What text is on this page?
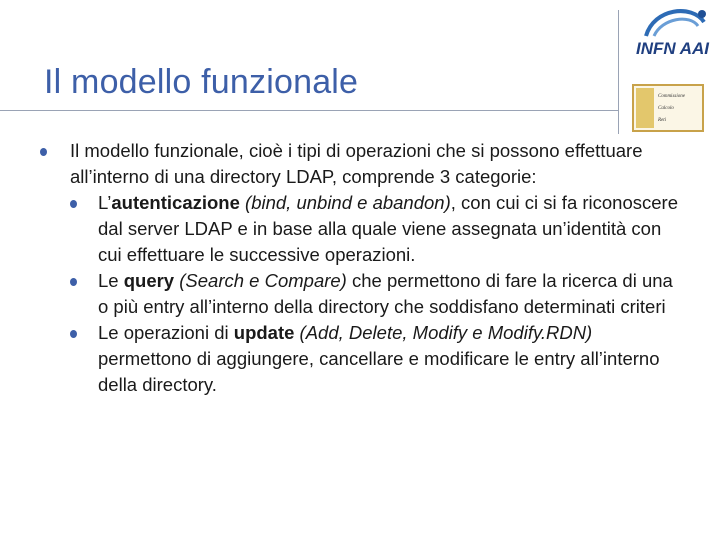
Il modello funzionale
INFN AAI
Commissione
Calcolo
Reti
Il modello funzionale, cioè i tipi di operazioni che si possono effettuare all’interno di una directory LDAP, comprende 3 categorie:
L’autenticazione (bind, unbind e abandon), con cui ci si fa riconoscere dal server LDAP e in base alla quale viene assegnata un’identità con cui effettuare le successive operazioni.
Le query (Search e Compare) che permettono di fare la ricerca di una o più entry all’interno della directory che soddisfano determinati criteri
Le operazioni di update (Add, Delete, Modify e Modify.RDN) permettono di aggiungere, cancellare e modificare le entry all’interno della directory.
